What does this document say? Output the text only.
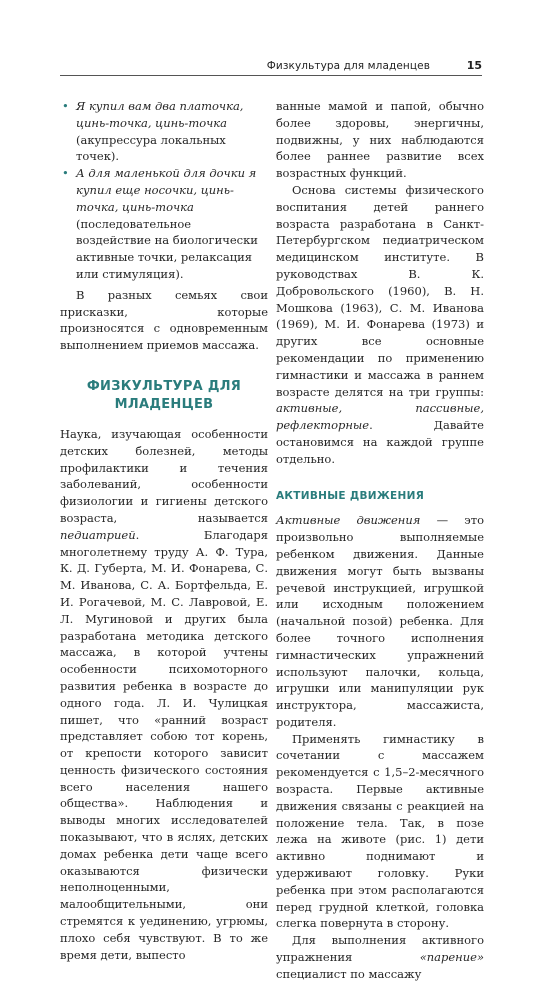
Физкультура для младенцев	15
• Я купил вам два платочка, цинь-точка, цинь-точка (акупрессура локальных точек).
• А для маленькой для дочки я купил еще носочки, цинь-точка, цинь-точка (последовательное воздействие на биологически активные точки, релаксация или стимуляция).

В разных семьях свои присказки, которые произносятся с одновременным выполнением приемов массажа.

ФИЗКУЛЬТУРА ДЛЯ МЛАДЕНЦЕВ

Наука, изучающая особенности детских болезней, методы профилактики и течения заболеваний, особенности физиологии и гигиены детского возраста, называется педиатрией. Благодаря многолетнему труду А. Ф. Тура, К. Д. Губерта, М. И. Фонарева, С. М. Иванова, С. А. Бортфельда, Е. И. Рогачевой, М. С. Лавровой, Е. Л. Мугиновой и других была разработана методика детского массажа, в которой учтены особенности психомоторного развития ребенка в возрасте до одного года. Л. И. Чулицкая пишет, что «ранний возраст представляет собою тот корень, от крепости которого зависит ценность физического состояния всего населения нашего общества». Наблюдения и выводы многих исследователей показывают, что в яслях, детских домах ребенка дети чаще всего оказываются физически неполноценными, малообщительными, они стремятся к уединению, угрюмы, плохо себя чувствуют. В то же время дети, выпесто

ванные мамой и папой, обычно более здоровы, энергичны, подвижны, у них наблюдаются более раннее развитие всех возрастных функций.

Основа системы физического воспитания детей раннего возраста разработана в Санкт-Петербургском педиатрическом медицинском институте. В руководствах В. К. Добровольского (1960), В. Н. Мошкова (1963), С. М. Иванова (1969), М. И. Фонарева (1973) и других все основные рекомендации по применению гимнастики и массажа в раннем возрасте делятся на три группы: активные, пассивные, рефлекторные. Давайте остановимся на каждой группе отдельно.

АКТИВНЫЕ ДВИЖЕНИЯ

Активные движения — это произвольно выполняемые ребенком движения. Данные движения могут быть вызваны речевой инструкцией, игрушкой или исходным положением (начальной позой) ребенка. Для более точного исполнения гимнастических упражнений используют палочки, кольца, игрушки или манипуляции рук инструктора, массажиста, родителя.

Применять гимнастику в сочетании с массажем рекомендуется с 1,5–2-месячного возраста. Первые активные движения связаны с реакцией на положение тела. Так, в позе лежа на животе (рис. 1) дети активно поднимают и удерживают головку. Руки ребенка при этом располагаются перед грудной клеткой, головка слегка повернута в сторону.

Для выполнения активного упражнения «парение» специалист по массажу
